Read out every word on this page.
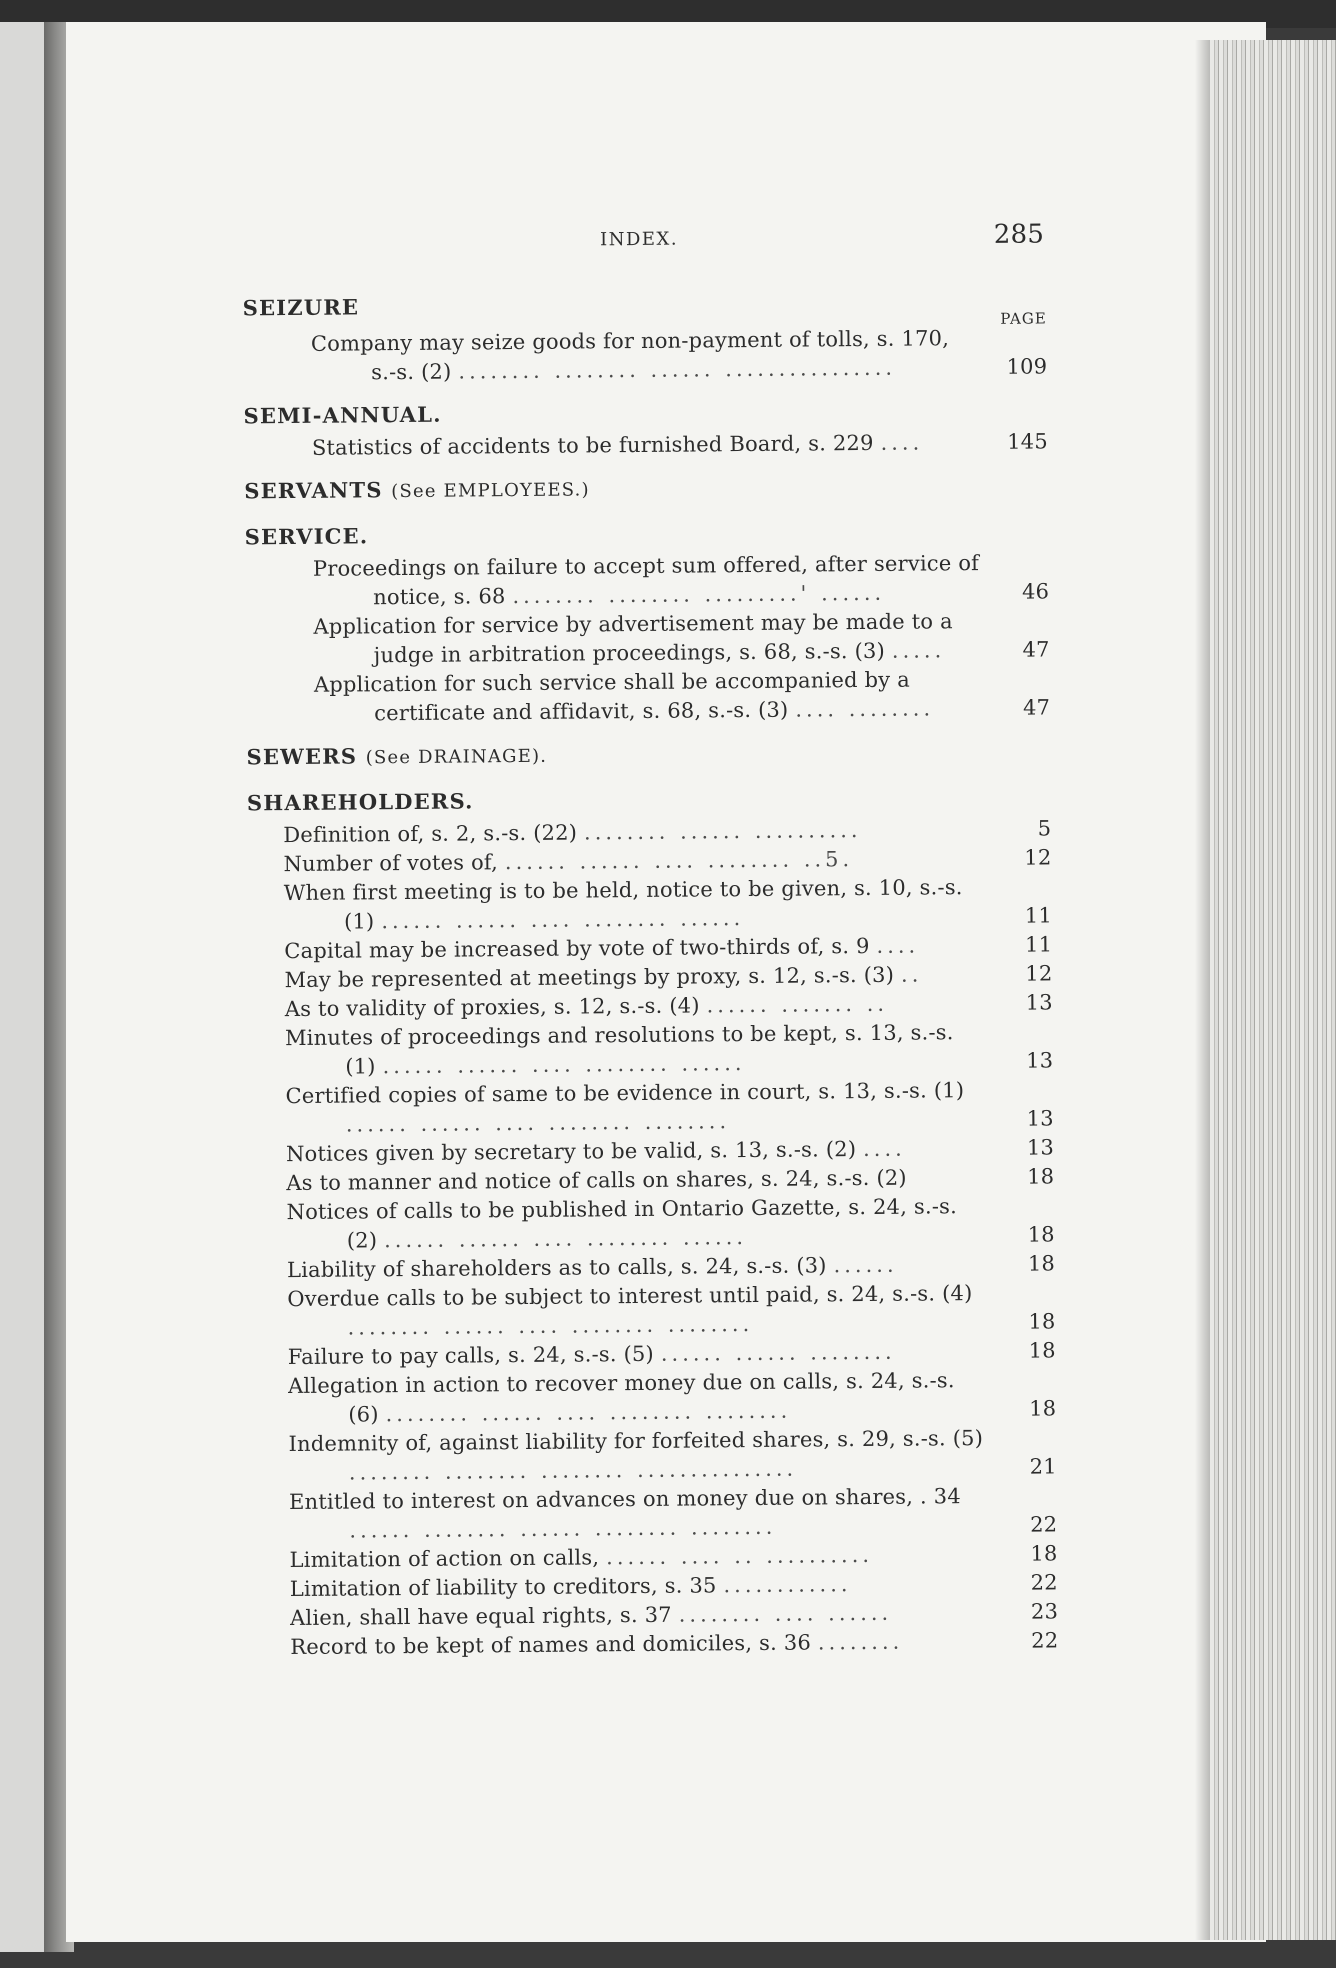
INDEX.	285
SEIZURE	PAGE
Company may seize goods for non-payment of tolls, s. 170, s.-s. (2) ........ ........ ...... ................	109
SEMI-ANNUAL.
Statistics of accidents to be furnished Board, s. 229 ....	145
SERVANTS (See EMPLOYEES.)
SERVICE.
Proceedings on failure to accept sum offered, after service of notice, s. 68 ........ ........ .........' ......	46
Application for service by advertisement may be made to a judge in arbitration proceedings, s. 68, s.-s. (3) .....	47
Application for such service shall be accompanied by a certificate and affidavit, s. 68, s.-s. (3) .... ........	47
SEWERS (See DRAINAGE).
SHAREHOLDERS.
Definition of, s. 2, s.-s. (22) ........ ...... ..........	5
Number of votes of, ...... ...... .... ........ ..5.	12
When first meeting is to be held, notice to be given, s. 10, s.-s. (1) ...... ...... .... ........ ......	11
Capital may be increased by vote of two-thirds of, s. 9 ....	11
May be represented at meetings by proxy, s. 12, s.-s. (3) ..	12
As to validity of proxies, s. 12, s.-s. (4) ...... ....... ..	13
Minutes of proceedings and resolutions to be kept, s. 13, s.-s. (1) ...... ...... .... ........ ......	13
Certified copies of same to be evidence in court, s. 13, s.-s. (1) ...... ...... .... ........ ........	13
Notices given by secretary to be valid, s. 13, s.-s. (2) ....	13
As to manner and notice of calls on shares, s. 24, s.-s. (2)	18
Notices of calls to be published in Ontario Gazette, s. 24, s.-s. (2) ...... ...... .... ........ ......	18
Liability of shareholders as to calls, s. 24, s.-s. (3) ......	18
Overdue calls to be subject to interest until paid, s. 24, s.-s. (4) ........ ...... .... ........ ........	18
Failure to pay calls, s. 24, s.-s. (5) ...... ...... ........	18
Allegation in action to recover money due on calls, s. 24, s.-s. (6) ........ ...... .... ........ ........	18
Indemnity of, against liability for forfeited shares, s. 29, s.-s. (5) ........ ........ ........ ...............	21
Entitled to interest on advances on money due on shares, . 34 ...... ........ ...... ........ ........	22
Limitation of action on calls, ...... .... .. ..........	18
Limitation of liability to creditors, s. 35 ............	22
Alien, shall have equal rights, s. 37 ........ .... ......	23
Record to be kept of names and domiciles, s. 36 ........	22
